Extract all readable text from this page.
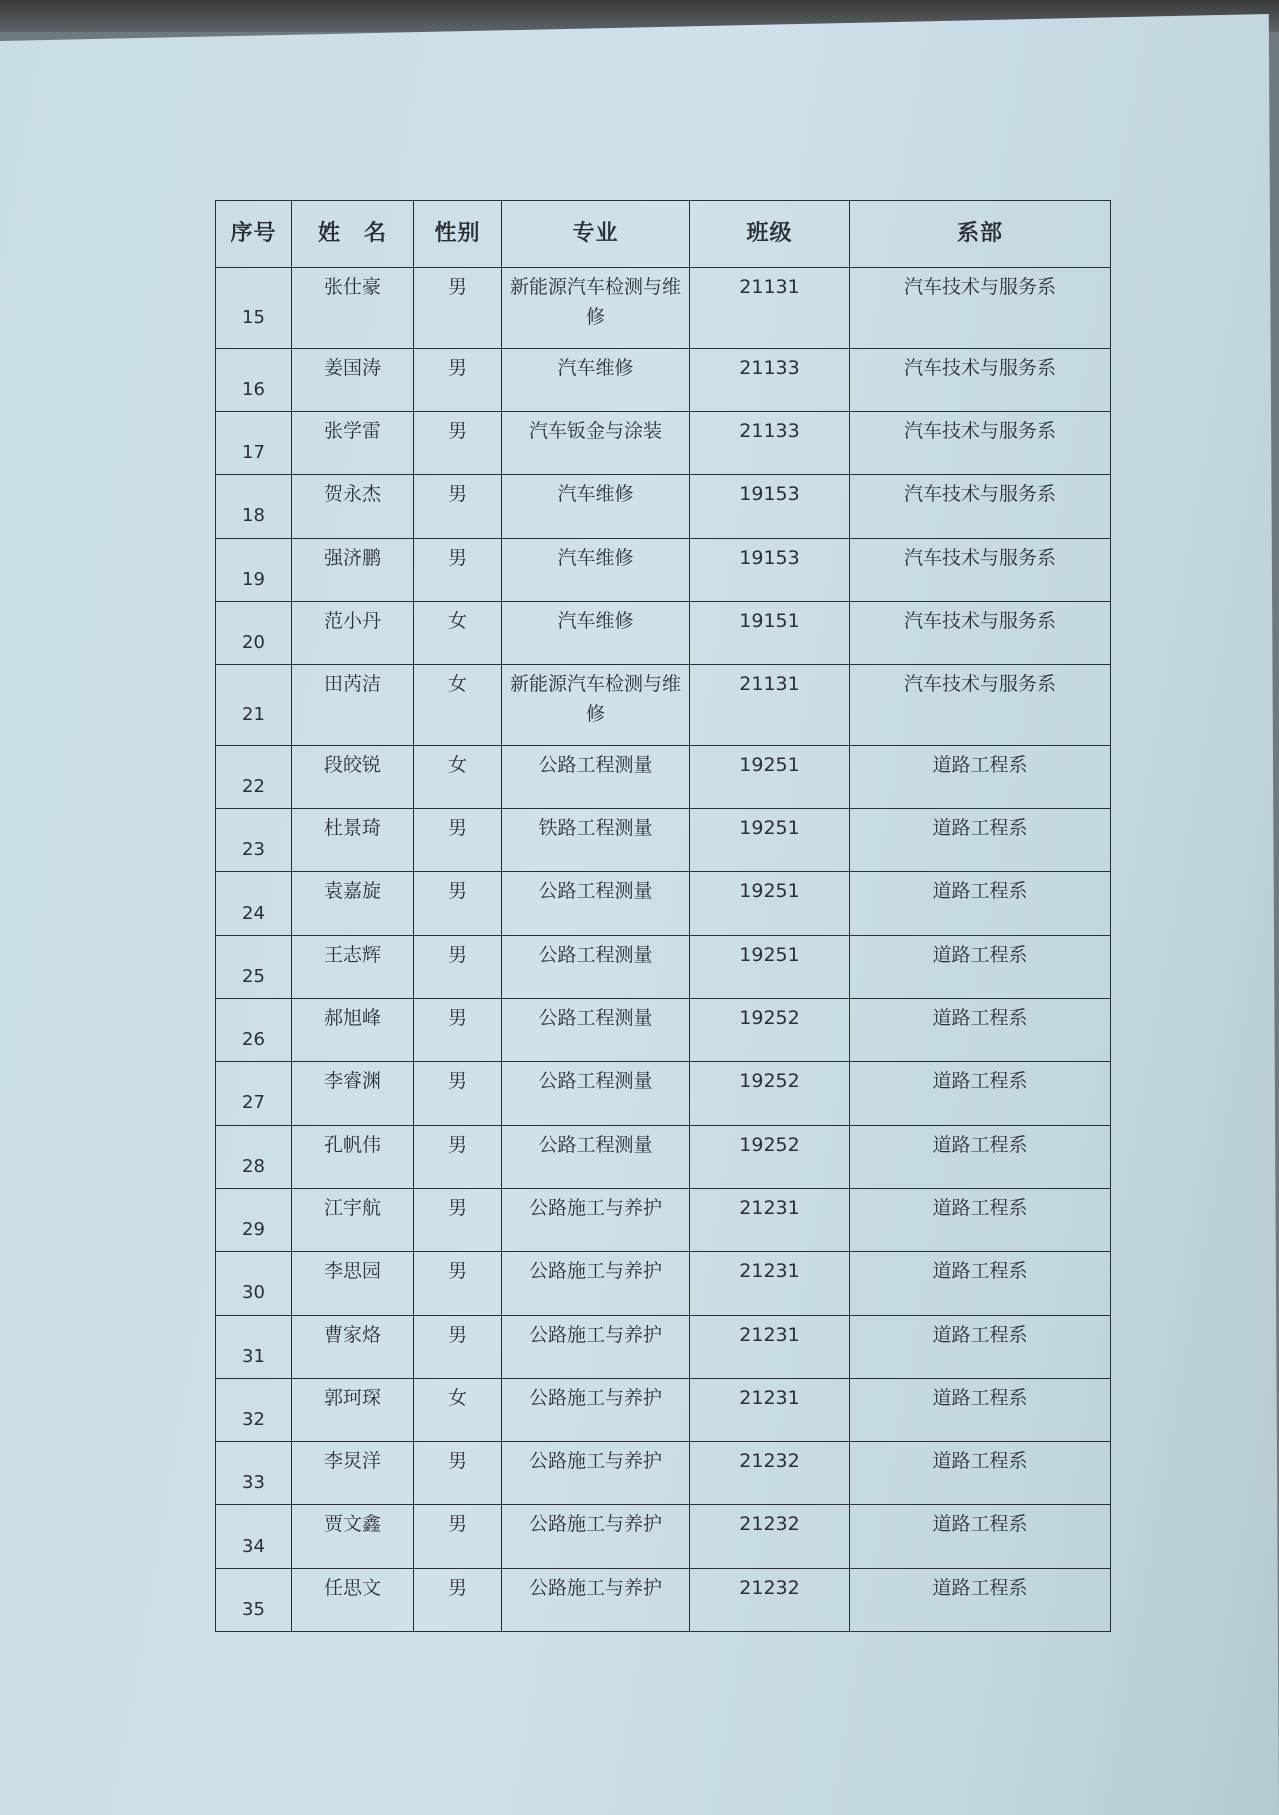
序号	姓　名	性别	专业	班级	系部
15	张仕豪	男	新能源汽车检测与维修	21131	汽车技术与服务系
16	姜国涛	男	汽车维修	21133	汽车技术与服务系
17	张学雷	男	汽车钣金与涂装	21133	汽车技术与服务系
18	贺永杰	男	汽车维修	19153	汽车技术与服务系
19	强济鹏	男	汽车维修	19153	汽车技术与服务系
20	范小丹	女	汽车维修	19151	汽车技术与服务系
21	田芮洁	女	新能源汽车检测与维修	21131	汽车技术与服务系
22	段皎锐	女	公路工程测量	19251	道路工程系
23	杜景琦	男	铁路工程测量	19251	道路工程系
24	袁嘉旋	男	公路工程测量	19251	道路工程系
25	王志辉	男	公路工程测量	19251	道路工程系
26	郝旭峰	男	公路工程测量	19252	道路工程系
27	李睿渊	男	公路工程测量	19252	道路工程系
28	孔帆伟	男	公路工程测量	19252	道路工程系
29	江宇航	男	公路施工与养护	21231	道路工程系
30	李思园	男	公路施工与养护	21231	道路工程系
31	曹家烙	男	公路施工与养护	21231	道路工程系
32	郭珂琛	女	公路施工与养护	21231	道路工程系
33	李炅洋	男	公路施工与养护	21232	道路工程系
34	贾文鑫	男	公路施工与养护	21232	道路工程系
35	任思文	男	公路施工与养护	21232	道路工程系
